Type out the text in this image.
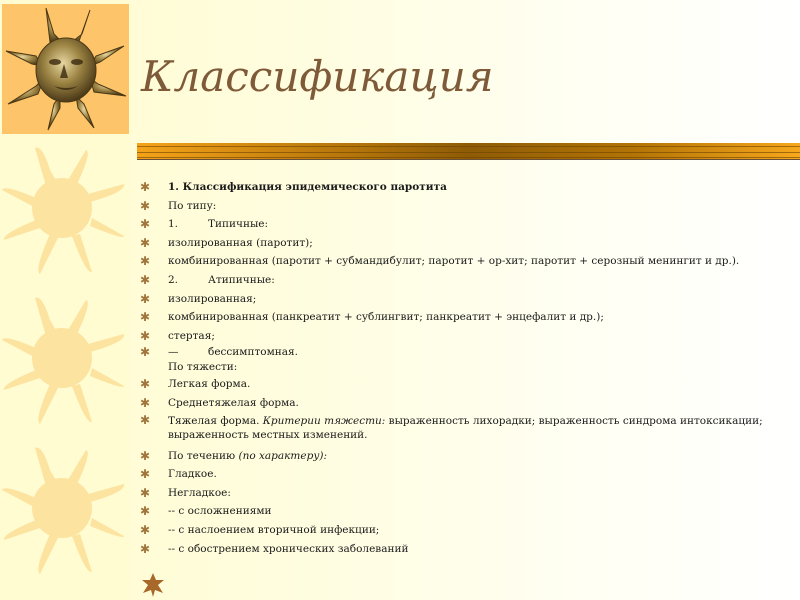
Классификация
✱ 1. Классификация эпидемического паротита
✱ По типу:
✱ 1.	Типичные:
✱ изолированная (паротит);
✱ комбинированная (паротит + субмандибулит; паротит + ор-хит; паротит + серозный менингит и др.).
✱ 2.	Атипичные:
✱ изолированная;
✱ комбинированная (панкреатит + сублингвит; панкреатит + энцефалит и др.);
✱ стертая;
✱ —	бессимптомная.
По тяжести:
✱ Легкая форма.
✱ Среднетяжелая форма.
✱ Тяжелая форма. Критерии тяжести: выраженность лихорадки; выраженность синдрома интоксикации; выраженность местных изменений.
✱ По течению (по характеру):
✱ Гладкое.
✱ Негладкое:
✱ -- с осложнениями
✱ -- с наслоением вторичной инфекции;
✱ -- с обострением хронических заболеваний
